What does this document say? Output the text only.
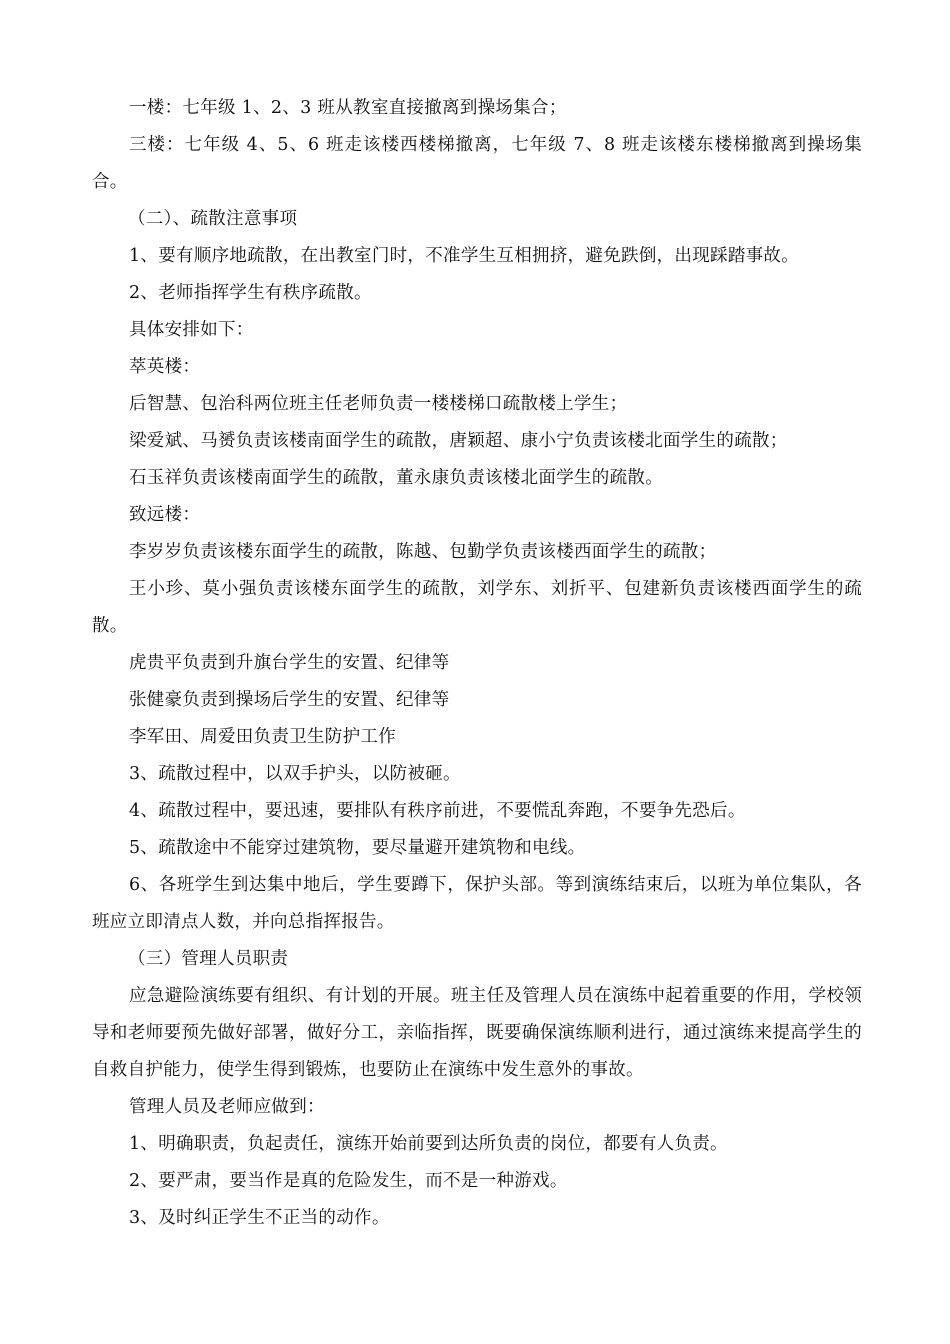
一楼：七年级 1、2、3 班从教室直接撤离到操场集合；

三楼：七年级 4、5、6 班走该楼西楼梯撤离，七年级 7、8 班走该楼东楼梯撤离到操场集合。

（二）、疏散注意事项

1、要有顺序地疏散，在出教室门时，不准学生互相拥挤，避免跌倒，出现踩踏事故。

2、老师指挥学生有秩序疏散。

具体安排如下：

萃英楼：

后智慧、包治科两位班主任老师负责一楼楼梯口疏散楼上学生；

梁爱斌、马赟负责该楼南面学生的疏散，唐颖超、康小宁负责该楼北面学生的疏散；

石玉祥负责该楼南面学生的疏散，董永康负责该楼北面学生的疏散。

致远楼：

李岁岁负责该楼东面学生的疏散，陈越、包勤学负责该楼西面学生的疏散；

王小珍、莫小强负责该楼东面学生的疏散，刘学东、刘折平、包建新负责该楼西面学生的疏散。

虎贵平负责到升旗台学生的安置、纪律等

张健豪负责到操场后学生的安置、纪律等

李军田、周爱田负责卫生防护工作

3、疏散过程中，以双手护头，以防被砸。

4、疏散过程中，要迅速，要排队有秩序前进，不要慌乱奔跑，不要争先恐后。

5、疏散途中不能穿过建筑物，要尽量避开建筑物和电线。

6、各班学生到达集中地后，学生要蹲下，保护头部。等到演练结束后，以班为单位集队，各班应立即清点人数，并向总指挥报告。

（三）管理人员职责

应急避险演练要有组织、有计划的开展。班主任及管理人员在演练中起着重要的作用，学校领导和老师要预先做好部署，做好分工，亲临指挥，既要确保演练顺利进行，通过演练来提高学生的自救自护能力，使学生得到锻炼，也要防止在演练中发生意外的事故。

管理人员及老师应做到：

1、明确职责，负起责任，演练开始前要到达所负责的岗位，都要有人负责。

2、要严肃，要当作是真的危险发生，而不是一种游戏。

3、及时纠正学生不正当的动作。
